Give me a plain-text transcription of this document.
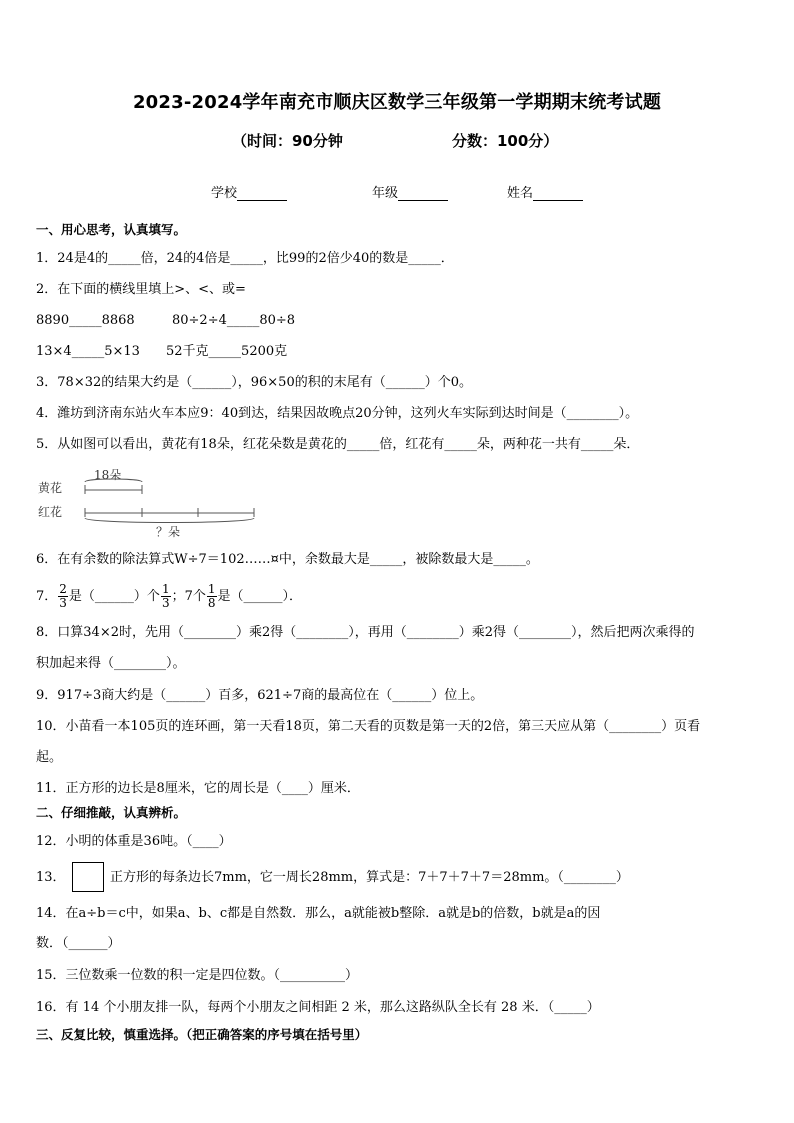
2023-2024学年南充市顺庆区数学三年级第一学期期末统考试题
（时间：90分钟	分数：100分）
学校	年级	姓名
一、用心思考，认真填写。
1．24是4的_____倍，24的4倍是_____，比99的2倍少40的数是_____．
2．在下面的横线里填上>、<、或=
8890_____8868	80÷2÷4_____80÷8
13×4_____5×13 52千克_____5200克
3．78×32的结果大约是（______），96×50的积的末尾有（______）个0。
4．潍坊到济南东站火车本应9：40到达，结果因故晚点20分钟，这列火车实际到达时间是（________）。
5．从如图可以看出，黄花有18朵，红花朵数是黄花的_____倍，红花有_____朵，两种花一共有_____朵．
黄花
红花
18朵
？朵
6．在有余数的除法算式W÷7＝102……¤中，余数最大是_____，被除数最大是_____。
7． $\frac{2}{3}$ 是（______）个 $\frac{1}{3}$ ；7个 $\frac{1}{8}$ 是（______）．
8．口算34×2时，先用（________）乘2得（________），再用（________）乘2得（________），然后把两次乘得的
积加起来得（________）。
9．917÷3商大约是（______）百多，621÷7商的最高位在（______）位上。
10．小苗看一本105页的连环画，第一天看18页，第二天看的页数是第一天的2倍，第三天应从第（________）页看
起。
11．正方形的边长是8厘米，它的周长是（____）厘米．
二、仔细推敲，认真辨析。
12．小明的体重是36吨。（____）
13．	正方形的每条边长7mm，它一周长28mm，算式是：7＋7＋7＋7＝28mm。（________）
14．在a÷b＝c中，如果a、b、c都是自然数．那么，a就能被b整除．a就是b的倍数，b就是a的因
数．（______）
15．三位数乘一位数的积一定是四位数。（__________）
16．有 14 个小朋友排一队，每两个小朋友之间相距 2 米，那么这路纵队全长有 28 米．（_____）
三、反复比较，慎重选择。（把正确答案的序号填在括号里）
